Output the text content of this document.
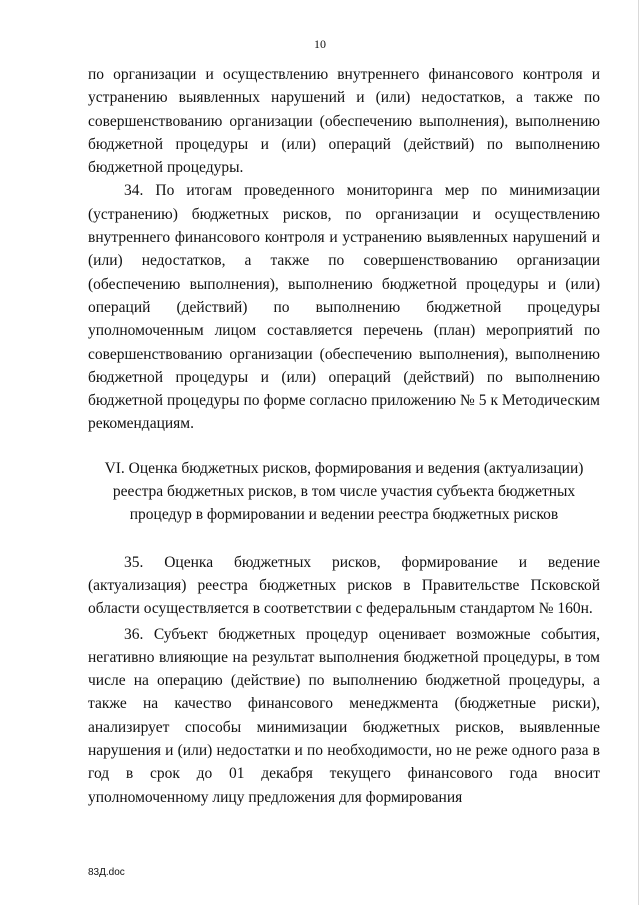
10

по организации и осуществлению внутреннего финансового контроля и устранению выявленных нарушений и (или) недостатков, а также по совершенствованию организации (обеспечению выполнения), выполнению бюджетной процедуры и (или) операций (действий) по выполнению бюджетной процедуры.

34. По итогам проведенного мониторинга мер по минимизации (устранению) бюджетных рисков, по организации и осуществлению внутреннего финансового контроля и устранению выявленных нарушений и (или) недостатков, а также по совершенствованию организации (обеспечению выполнения), выполнению бюджетной процедуры и (или) операций (действий) по выполнению бюджетной процедуры уполномоченным лицом составляется перечень (план) мероприятий по совершенствованию организации (обеспечению выполнения), выполнению бюджетной процедуры и (или) операций (действий) по выполнению бюджетной процедуры по форме согласно приложению № 5 к Методическим рекомендациям.

VI. Оценка бюджетных рисков, формирования и ведения (актуализации) реестра бюджетных рисков, в том числе участия субъекта бюджетных процедур в формировании и ведении реестра бюджетных рисков

35. Оценка бюджетных рисков, формирование и ведение (актуализация) реестра бюджетных рисков в Правительстве Псковской области осуществляется в соответствии с федеральным стандартом № 160н.

36. Субъект бюджетных процедур оценивает возможные события, негативно влияющие на результат выполнения бюджетной процедуры, в том числе на операцию (действие) по выполнению бюджетной процедуры, а также на качество финансового менеджмента (бюджетные риски), анализирует способы минимизации бюджетных рисков, выявленные нарушения и (или) недостатки и по необходимости, но не реже одного раза в год в срок до 01 декабря текущего финансового года вносит уполномоченному лицу предложения для формирования

83Д.doc
